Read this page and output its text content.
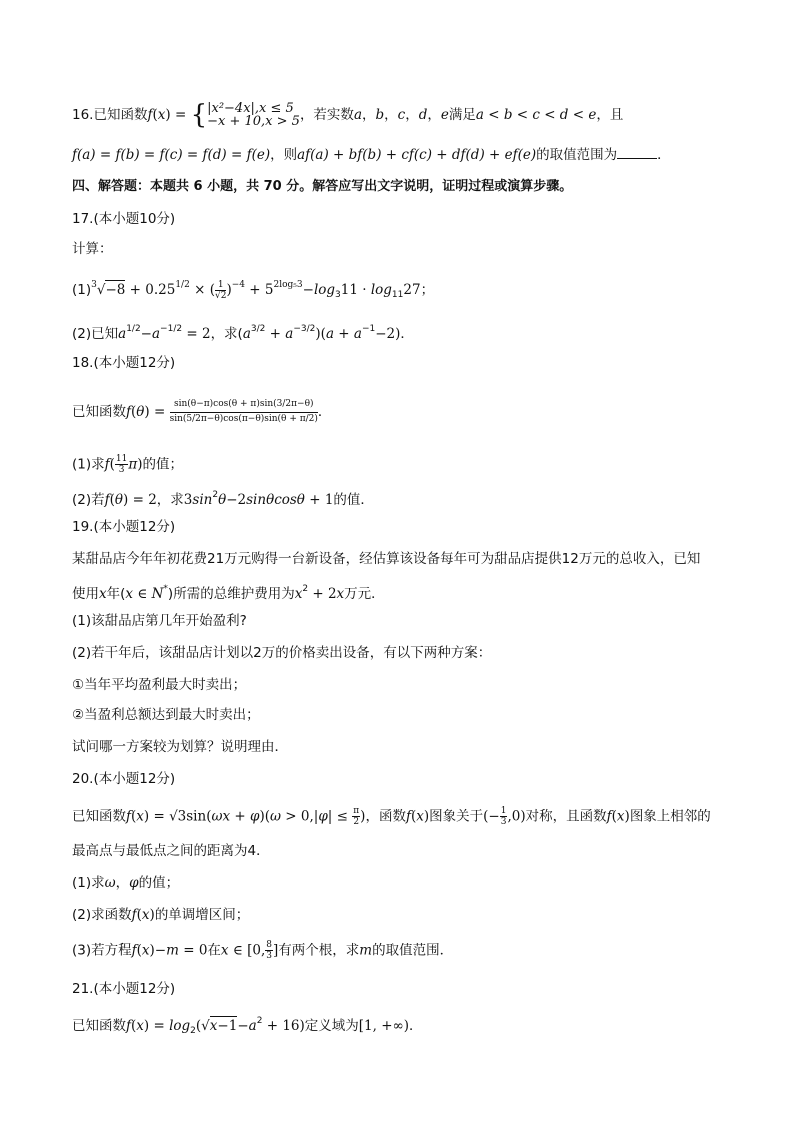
16.已知函数f(x) = {|x²−4x|,x ≤ 5
−x + 10,x > 5，若实数a，b，c，d，e满足a < b < c < d < e，且
f(a) = f(b) = f(c) = f(d) = f(e)，则af(a) + bf(b) + cf(c) + df(d) + ef(e)的取值范围为	．
四、解答题：本题共 6 小题，共 70 分。解答应写出文字说明，证明过程或演算步骤。
17.(本小题10分)
计算：
$(1)^3√-8 + 0.25^{1/2}$ × ( $\frac{1}{√2} )^{-4} + 5^{2log_53}-\log_311 \cdot \log_{11}27$；
(2)已知$a^{1/2}-a^{-1/2} = 2$，求$(a^{3/2} + a^{-3/2})(a + a^{-1}-2)$．
18.(本小题12分)
已知函数$f(\theta) = \frac{\sin(\theta-\pi)\cos(\theta + \pi)\sin(3/2\pi-\theta)}{\sin(5/2\pi-\theta)\cos(\pi-\theta)\sin(\theta + \pi/2)}$ ．
(1)求$f( \frac{11}{3} \pi)$的值；
(2)若f(θ) = 2，求$3\sin^2\theta-2\sin\theta\cos\theta + 1$的值．
19.(本小题12分)
某甜品店今年年初花费21万元购得一台新设备，经估算该设备每年可为甜品店提供12万元的总收入，已知
使用x年(x ∈ N*)所需的总维护费用为$x^2 + 2x$万元．
(1)该甜品店第几年开始盈利?
(2)若干年后，该甜品店计划以2万的价格卖出设备，有以下两种方案：
①当年平均盈利最大时卖出；
②当盈利总额达到最大时卖出；
试问哪一方案较为划算？说明理由．
20.(本小题12分)
已知函数$f(x) = √3\sin(\omega x + \varphi)(\omega > 0,|\varphi| \le \frac{\pi}{2}$ )，函数f(x)图象关于(− $\frac{1}{3} ,0$)对称，且函数f(x)图象上相邻的
最高点与最低点之间的距离为4．
(1)求ω，φ的值；
(2)求函数f(x)的单调增区间；
(3)若方程f(x)−m = 0在x ∈ [0, $\frac{8}{3}$ ]有两个根，求m的取值范围．
21.(本小题12分)
已知函数$f(x) = \log_2(√x-1-a^2 + 16)$定义域为[1, +∞)．
